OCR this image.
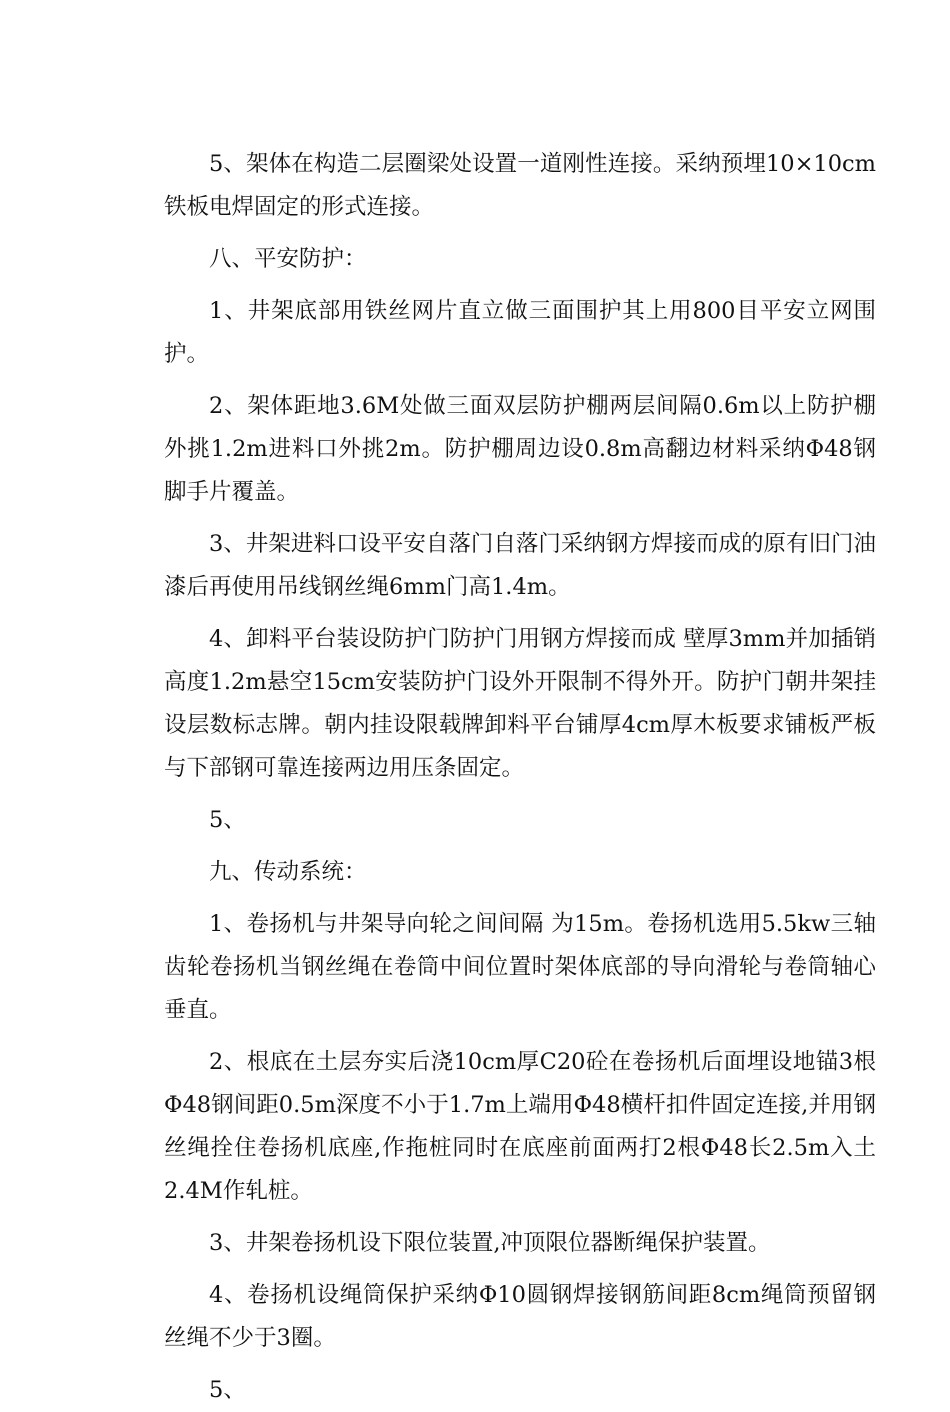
5、架体在构造二层圈梁处设置一道刚性连接。采纳预埋10×10cm铁板电焊固定的形式连接。

八、平安防护：

1、井架底部用铁丝网片直立做三面围护其上用800目平安立网围护。

2、架体距地3.6M处做三面双层防护棚两层间隔0.6m以上防护棚外挑1.2m进料口外挑2m。防护棚周边设0.8m高翻边材料采纳Φ48钢脚手片覆盖。

3、井架进料口设平安自落门自落门采纳钢方焊接而成的原有旧门油漆后再使用吊线钢丝绳6mm门高1.4m。

4、卸料平台装设防护门防护门用钢方焊接而成 壁厚3mm并加插销高度1.2m悬空15cm安装防护门设外开限制不得外开。防护门朝井架挂设层数标志牌。朝内挂设限载牌卸料平台铺厚4cm厚木板要求铺板严板与下部钢可靠连接两边用压条固定。

5、

九、传动系统：

1、卷扬机与井架导向轮之间间隔 为15m。卷扬机选用5.5kw三轴齿轮卷扬机当钢丝绳在卷筒中间位置时架体底部的导向滑轮与卷筒轴心垂直。

2、根底在土层夯实后浇10cm厚C20砼在卷扬机后面埋设地锚3根Φ48钢间距0.5m深度不小于1.7m上端用Φ48横杆扣件固定连接,并用钢丝绳拴住卷扬机底座,作拖桩同时在底座前面两打2根Φ48长2.5m入土2.4M作轧桩。

3、井架卷扬机设下限位装置,冲顶限位器断绳保护装置。

4、卷扬机设绳筒保护采纳Φ10圆钢焊接钢筋间距8cm绳筒预留钢丝绳不少于3圈。

5、
